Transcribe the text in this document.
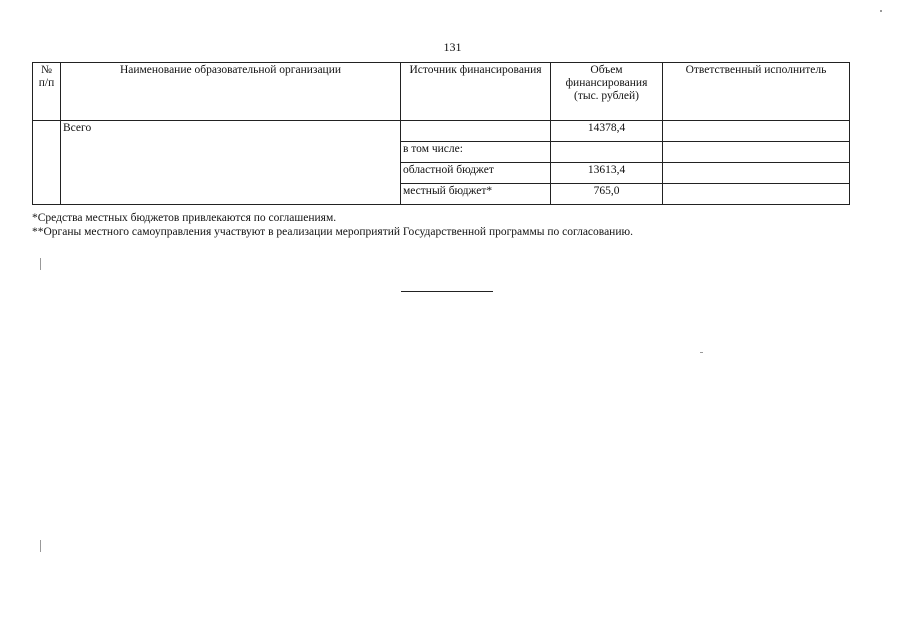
131
№ п/п	Наименование образовательной организации	Источник финансирования	Объем финансирования (тыс. рублей)	Ответственный исполнитель
	Всего		14378,4	
		в том числе:		
		областной бюджет	13613,4	
		местный бюджет*	765,0	
*Средства местных бюджетов привлекаются по соглашениям.
**Органы местного самоуправления участвуют в реализации мероприятий Государственной программы по согласованию.
